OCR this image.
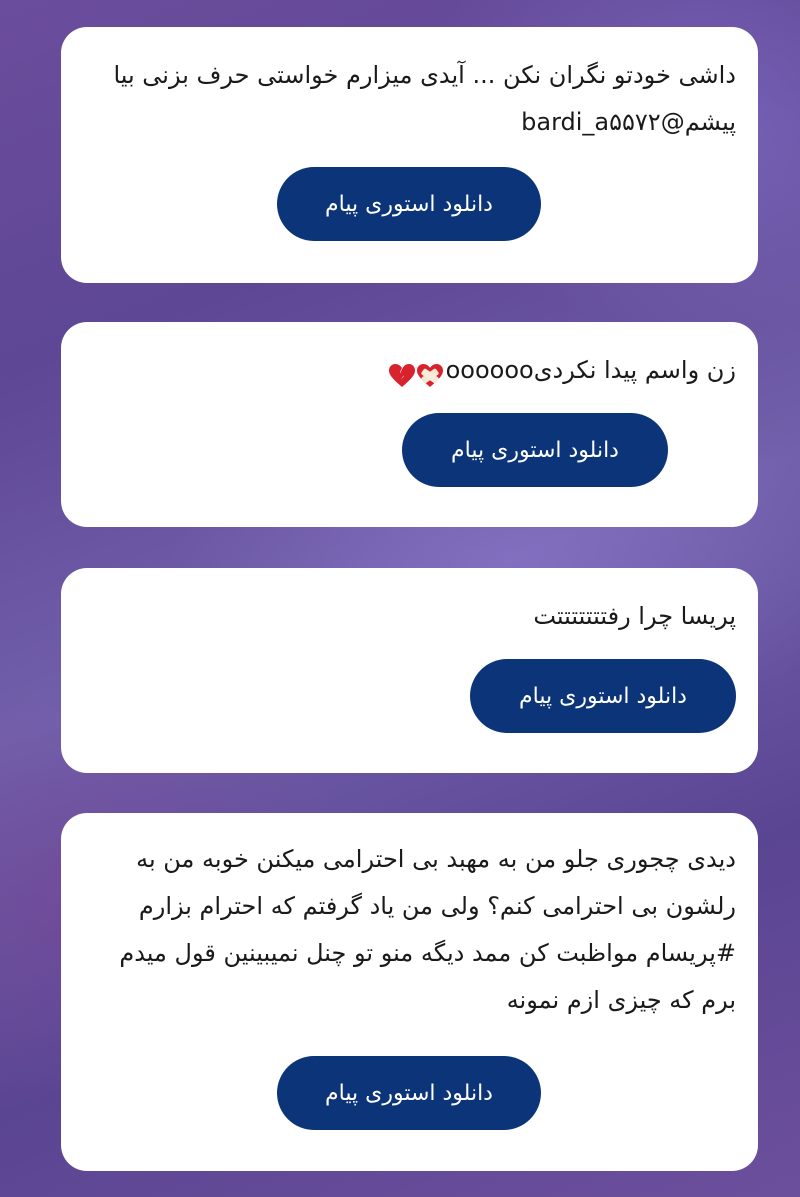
داشی خودتو نگران نکن ... آیدی میزارم خواستی حرف بزنی بیا پیشم@bardi_a۵۵۷۲

دانلود استوری پیام

زن واسم پیدا نکردیoooooo

دانلود استوری پیام

پریسا چرا رفتتتتتتتت

دانلود استوری پیام

دیدی چجوری جلو من به مهبد بی احترامی میکنن خوبه من به رلشون بی احترامی کنم؟ ولی من یاد گرفتم که احترام بزارم #پریسام مواظبت کن ممد دیگه منو تو چنل نمیبینین قول میدم برم که چیزی ازم نمونه

دانلود استوری پیام
